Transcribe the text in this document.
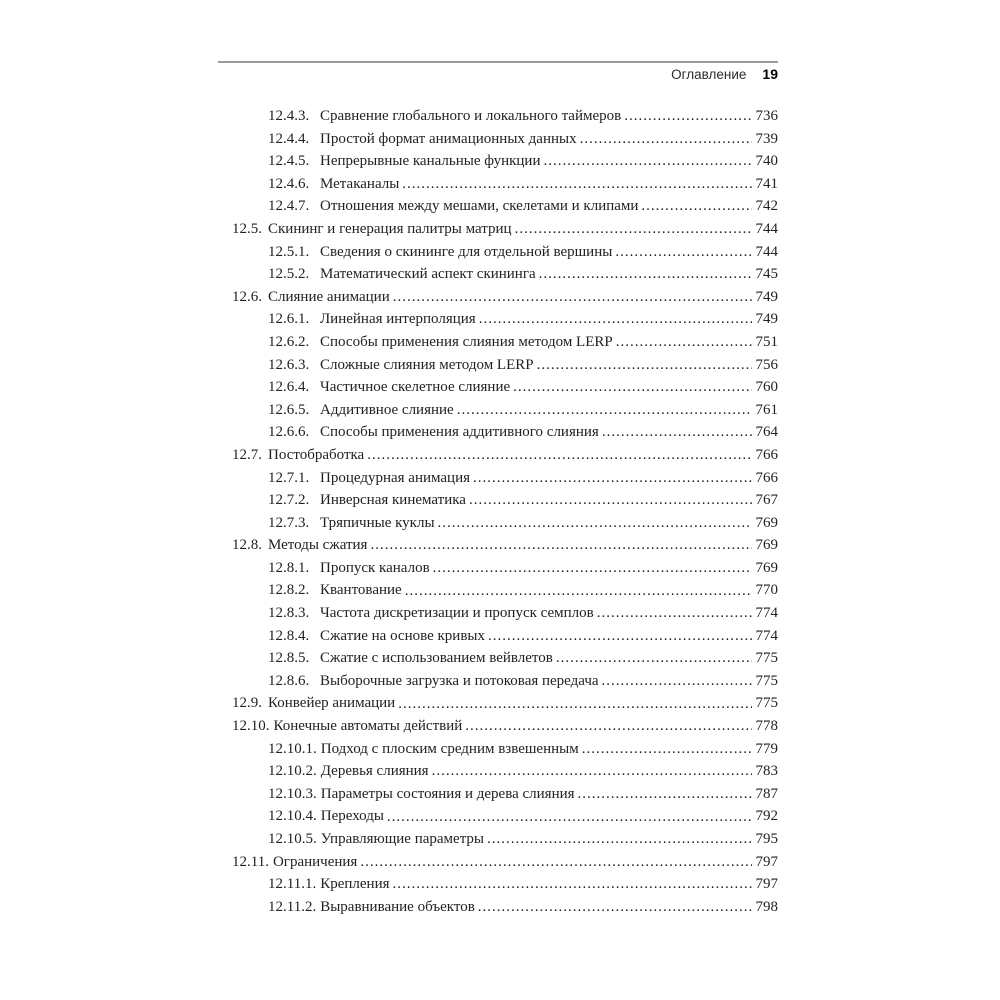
Оглавление 19
12.4.3. Сравнение глобального и локального таймеров .....	736
12.4.4. Простой формат анимационных данных .....	739
12.4.5. Непрерывные канальные функции .....	740
12.4.6. Метаканалы .....	741
12.4.7. Отношения между мешами, скелетами и клипами .....	742
12.5. Скининг и генерация палитры матриц .....	744
12.5.1. Сведения о скининге для отдельной вершины .....	744
12.5.2. Математический аспект скининга .....	745
12.6. Слияние анимации .....	749
12.6.1. Линейная интерполяция .....	749
12.6.2. Способы применения слияния методом LERP .....	751
12.6.3. Сложные слияния методом LERP .....	756
12.6.4. Частичное скелетное слияние .....	760
12.6.5. Аддитивное слияние .....	761
12.6.6. Способы применения аддитивного слияния .....	764
12.7. Постобработка .....	766
12.7.1. Процедурная анимация .....	766
12.7.2. Инверсная кинематика .....	767
12.7.3. Тряпичные куклы .....	769
12.8. Методы сжатия .....	769
12.8.1. Пропуск каналов .....	769
12.8.2. Квантование .....	770
12.8.3. Частота дискретизации и пропуск семплов .....	774
12.8.4. Сжатие на основе кривых .....	774
12.8.5. Сжатие с использованием вейвлетов .....	775
12.8.6. Выборочные загрузка и потоковая передача .....	775
12.9. Конвейер анимации .....	775
12.10. Конечные автоматы действий .....	778
12.10.1. Подход с плоским средним взвешенным .....	779
12.10.2. Деревья слияния .....	783
12.10.3. Параметры состояния и дерева слияния .....	787
12.10.4. Переходы .....	792
12.10.5. Управляющие параметры .....	795
12.11. Ограничения .....	797
12.11.1. Крепления .....	797
12.11.2. Выравнивание объектов .....	798
